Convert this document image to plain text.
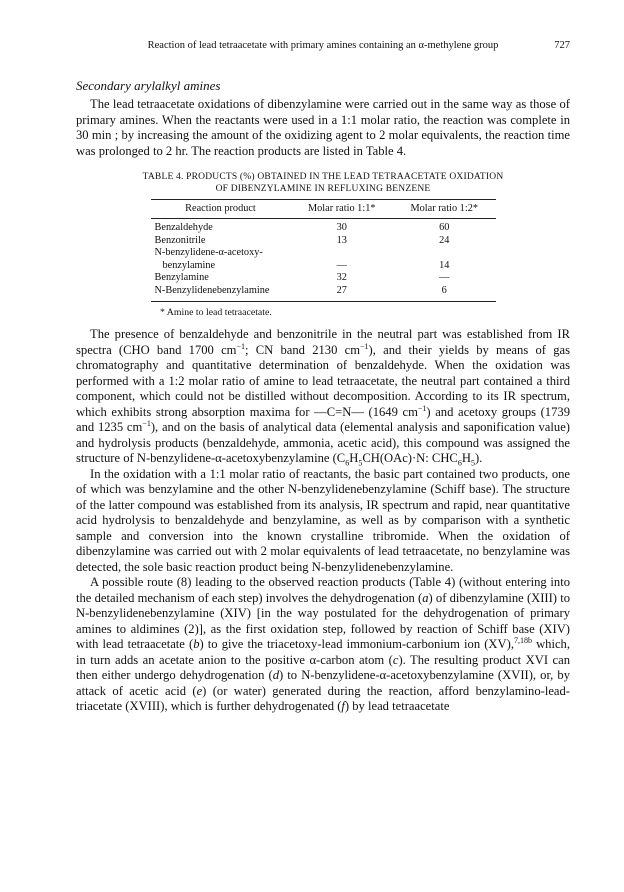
Reaction of lead tetraacetate with primary amines containing an α-methylene group	727
Secondary arylalkyl amines

The lead tetraacetate oxidations of dibenzylamine were carried out in the same way as those of primary amines. When the reactants were used in a 1:1 molar ratio, the reaction was complete in 30 min ; by increasing the amount of the oxidizing agent to 2 molar equivalents, the reaction time was prolonged to 2 hr. The reaction products are listed in Table 4.

TABLE 4. PRODUCTS (%) OBTAINED IN THE LEAD TETRAACETATE OXIDATION
OF DIBENZYLAMINE IN REFLUXING BENZENE
Reaction product	Molar ratio 1:1*	Molar ratio 1:2*
Benzaldehyde	30	60
Benzonitrile	13	24
N-benzylidene-α-acetoxy-		
benzylamine	—	14
Benzylamine	32	—
N-Benzylidenebenzylamine	27	6
* Amine to lead tetraacetate.

The presence of benzaldehyde and benzonitrile in the neutral part was established from IR spectra (CHO band 1700 $cm^{-1}$; CN band 2130 $cm^{-1}$), and their yields by means of gas chromatography and quantitative determination of benzaldehyde. When the oxidation was performed with a 1:2 molar ratio of amine to lead tetraacetate, the neutral part contained a third component, which could not be distilled without decomposition. According to its IR spectrum, which exhibits strong absorption maxima for —C=N— (1649 $cm^{-1}$) and acetoxy groups (1739 and 1235 $cm^{-1}$), and on the basis of analytical data (elemental analysis and saponification value) and hydrolysis products (benzaldehyde, ammonia, acetic acid), this compound was assigned the structure of N-benzylidene-α-acetoxybenzylamine ($C_6H_5CH(OAc)\cdot N$: $CHC_6H_5$).

In the oxidation with a 1:1 molar ratio of reactants, the basic part contained two products, one of which was benzylamine and the other N-benzylidenebenzylamine (Schiff base). The structure of the latter compound was established from its analysis, IR spectrum and rapid, near quantitative acid hydrolysis to benzaldehyde and benzylamine, as well as by comparison with a synthetic sample and conversion into the known crystalline tribromide. When the oxidation of dibenzylamine was carried out with 2 molar equivalents of lead tetraacetate, no benzylamine was detected, the sole basic reaction product being N-benzylidenebenzylamine.

A possible route (8) leading to the observed reaction products (Table 4) (without entering into the detailed mechanism of each step) involves the dehydrogenation (a) of dibenzylamine (XIII) to N-benzylidenebenzylamine (XIV) [in the way postulated for the dehydrogenation of primary amines to aldimines (2)], as the first oxidation step, followed by reaction of Schiff base (XIV) with lead tetraacetate (b) to give the triacetoxy-lead immonium-carbonium ion (XV),$^{7,18b}$ which, in turn adds an acetate anion to the positive α-carbon atom (c). The resulting product XVI can then either undergo dehydrogenation (d) to N-benzylidene-α-acetoxybenzylamine (XVII), or, by attack of acetic acid (e) (or water) generated during the reaction, afford benzylamino-lead-triacetate (XVIII), which is further dehydrogenated (f) by lead tetraacetate
